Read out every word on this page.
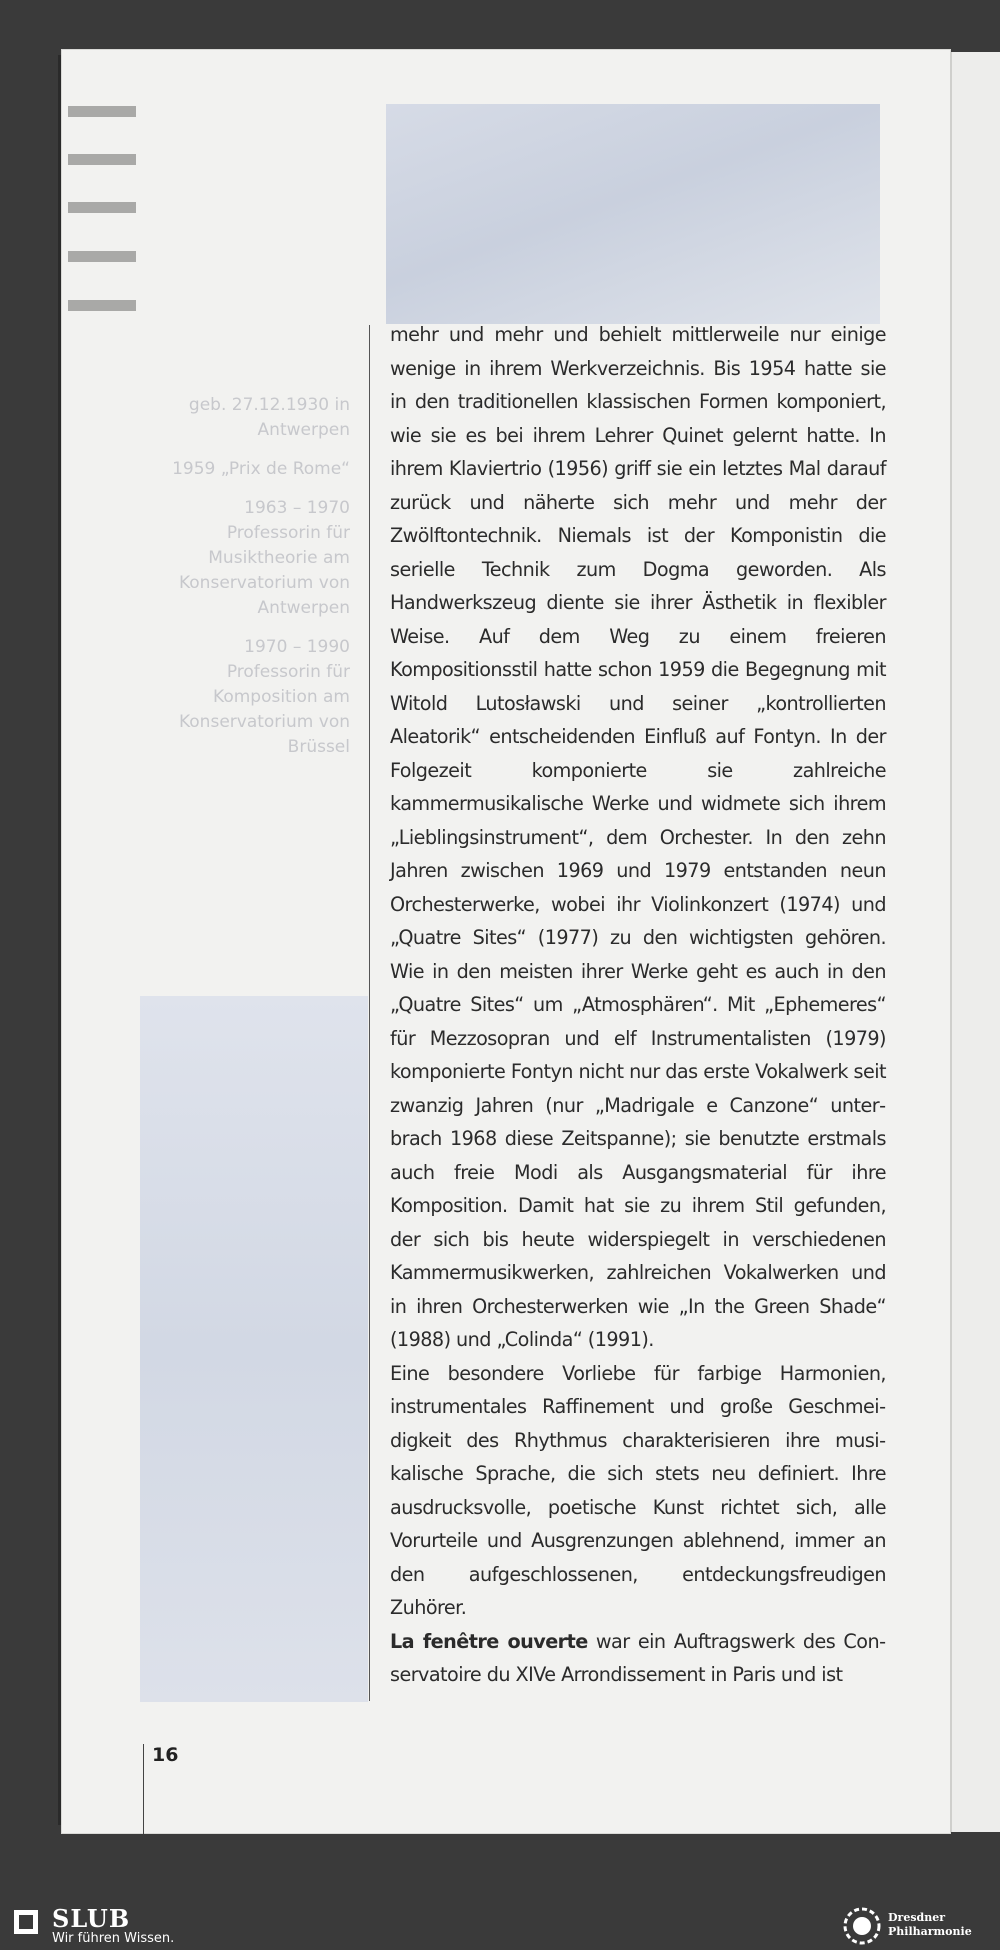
geb. 27.12.1930 in Antwerpen

1959 „Prix de Rome“

1963 – 1970 Professorin für Musiktheorie am Konservatorium von Antwerpen

1970 – 1990 Professorin für Komposition am Konservatorium von Brüssel

mehr und mehr und behielt mittlerweile nur einige wenige in ihrem Werkverzeichnis. Bis 1954 hatte sie in den traditionellen klassischen Formen komponiert, wie sie es bei ihrem Lehrer Quinet gelernt hatte. In ihrem Klaviertrio (1956) griff sie ein letztes Mal darauf zurück und näherte sich mehr und mehr der Zwölftontechnik. Niemals ist der Komponistin die serielle Technik zum Dogma geworden. Als Handwerkszeug diente sie ihrer Ästhetik in flexibler Weise. Auf dem Weg zu einem freieren Kompositionsstil hatte schon 1959 die Begegnung mit Witold Lutosławski und seiner „kontrollierten Aleatorik“ entscheidenden Einfluß auf Fontyn. In der Folgezeit komponierte sie zahlreiche kammermusikalische Werke und widmete sich ihrem „Lieblingsinstrument“, dem Orchester. In den zehn Jahren zwischen 1969 und 1979 entstanden neun Orchesterwerke, wobei ihr Violinkonzert (1974) und „Quatre Sites“ (1977) zu den wichtigsten gehören. Wie in den meisten ihrer Werke geht es auch in den „Quatre Sites“ um „Atmosphären“. Mit „Ephemeres“ für Mezzosopran und elf Instrumentalisten (1979) komponierte Fontyn nicht nur das erste Vokalwerk seit zwanzig Jahren (nur „Madrigale e Canzone“ unterbrach 1968 diese Zeitspanne); sie benutzte erstmals auch freie Modi als Ausgangsmaterial für ihre Komposition. Damit hat sie zu ihrem Stil gefunden, der sich bis heute widerspiegelt in verschiedenen Kammermusikwerken, zahlreichen Vokalwerken und in ihren Orchesterwerken wie „In the Green Shade“ (1988) und „Colinda“ (1991).

Eine besondere Vorliebe für farbige Harmonien, instrumentales Raffinement und große Geschmeidigkeit des Rhythmus charakterisieren ihre musikalische Sprache, die sich stets neu definiert. Ihre ausdrucksvolle, poetische Kunst richtet sich, alle Vorurteile und Ausgrenzungen ablehnend, immer an den aufgeschlossenen, entdeckungsfreudigen Zuhörer.

La fenêtre ouverte war ein Auftragswerk des Conservatoire du XIVe Arrondissement in Paris und ist

16
SLUB
Wir führen Wissen.
Dresdner
Philharmonie
